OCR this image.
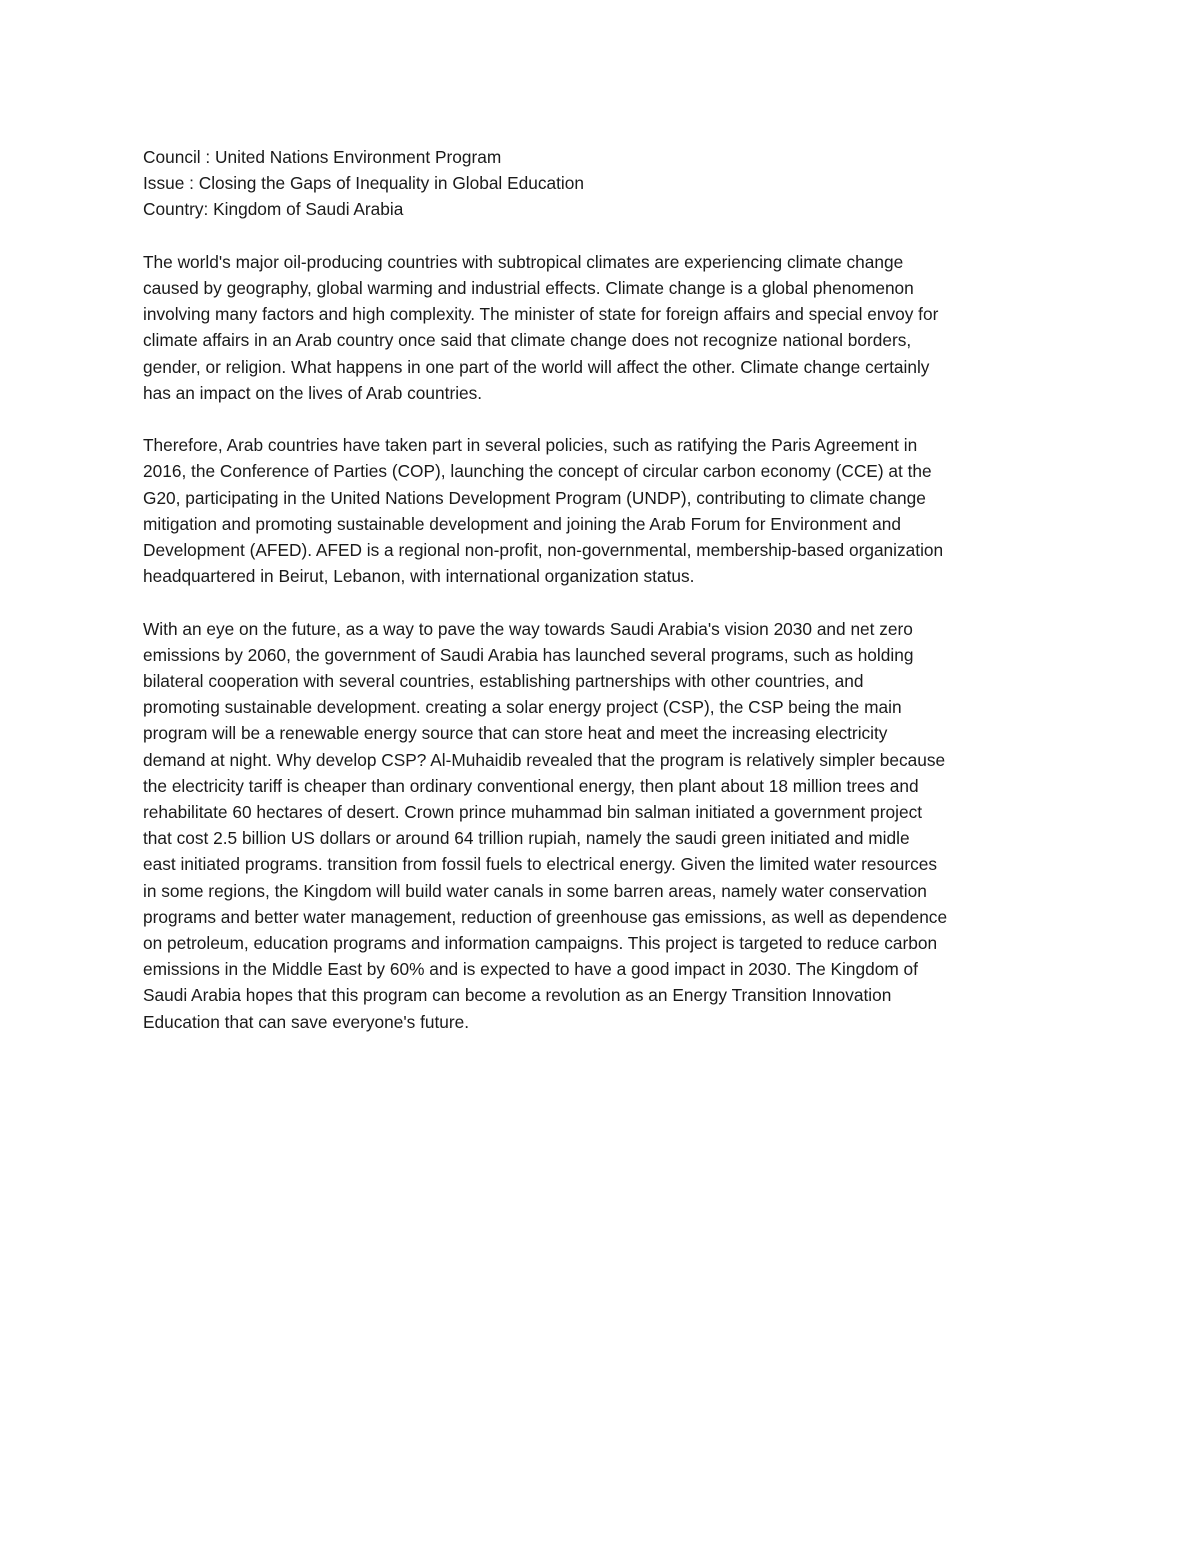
Council : United Nations Environment Program

Issue : Closing the Gaps of Inequality in Global Education

Country: Kingdom of Saudi Arabia

The world's major oil-producing countries with subtropical climates are experiencing climate change
caused by geography, global warming and industrial effects. Climate change is a global phenomenon
involving many factors and high complexity. The minister of state for foreign affairs and special envoy for
climate affairs in an Arab country once said that climate change does not recognize national borders,
gender, or religion. What happens in one part of the world will affect the other. Climate change certainly
has an impact on the lives of Arab countries.
Therefore, Arab countries have taken part in several policies, such as ratifying the Paris Agreement in
2016, the Conference of Parties (COP), launching the concept of circular carbon economy (CCE) at the
G20, participating in the United Nations Development Program (UNDP), contributing to climate change
mitigation and promoting sustainable development and joining the Arab Forum for Environment and
Development (AFED). AFED is a regional non-profit, non-governmental, membership-based organization
headquartered in Beirut, Lebanon, with international organization status.
With an eye on the future, as a way to pave the way towards Saudi Arabia's vision 2030 and net zero
emissions by 2060, the government of Saudi Arabia has launched several programs, such as holding
bilateral cooperation with several countries, establishing partnerships with other countries, and
promoting sustainable development. creating a solar energy project (CSP), the CSP being the main
program will be a renewable energy source that can store heat and meet the increasing electricity
demand at night. Why develop CSP? Al-Muhaidib revealed that the program is relatively simpler because
the electricity tariff is cheaper than ordinary conventional energy, then plant about 18 million trees and
rehabilitate 60 hectares of desert. Crown prince muhammad bin salman initiated a government project
that cost 2.5 billion US dollars or around 64 trillion rupiah, namely the saudi green initiated and midle
east initiated programs. transition from fossil fuels to electrical energy. Given the limited water resources
in some regions, the Kingdom will build water canals in some barren areas, namely water conservation
programs and better water management, reduction of greenhouse gas emissions, as well as dependence
on petroleum, education programs and information campaigns. This project is targeted to reduce carbon
emissions in the Middle East by 60% and is expected to have a good impact in 2030. The Kingdom of
Saudi Arabia hopes that this program can become a revolution as an Energy Transition Innovation
Education that can save everyone's future.
